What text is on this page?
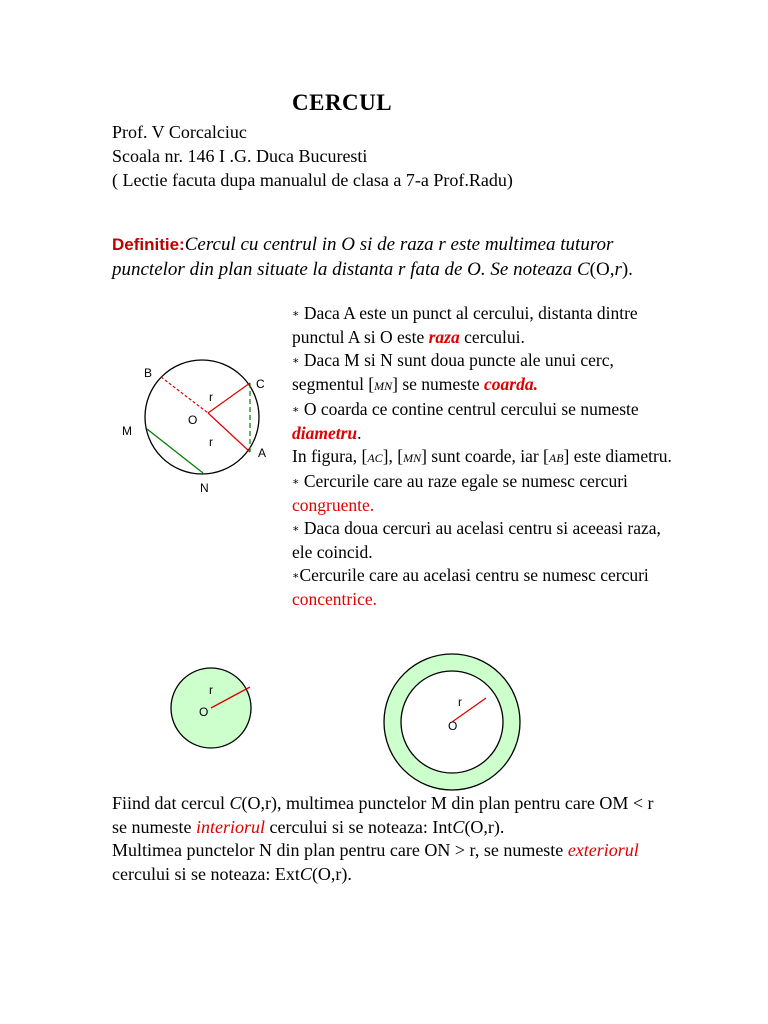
CERCUL
Prof. V Corcalciuc
Scoala nr. 146 I .G. Duca Bucuresti
( Lectie facuta dupa manualul de clasa a 7-a Prof.Radu)
Definitie:Cercul cu centrul in O si de raza r este multimea tuturor punctelor din plan situate la distanta r fata de O. Se noteaza C(O,r).
B
C
M
O
A
N
r
r

∗ Daca A este un punct al cercului, distanta dintre punctul A si O este raza cercului.

∗ Daca M si N sunt doua puncte ale unui cerc, segmentul [MN] se numeste coarda.

∗ O coarda ce contine centrul cercului se numeste diametru.

In figura, [AC], [MN] sunt coarde, iar [AB] este diametru.

∗ Cercurile care au raze egale se numesc cercuri congruente.

∗ Daca doua cercuri au acelasi centru si aceeasi raza, ele coincid.

∗Cercurile care au acelasi centru se numesc cercuri concentrice.

r
O
r
O

Fiind dat cercul C(O,r), multimea punctelor M din plan pentru care OM < r se numeste interiorul cercului si se noteaza: IntC(O,r).

Multimea punctelor N din plan pentru care ON > r, se numeste exteriorul cercului si se noteaza: ExtC(O,r).
